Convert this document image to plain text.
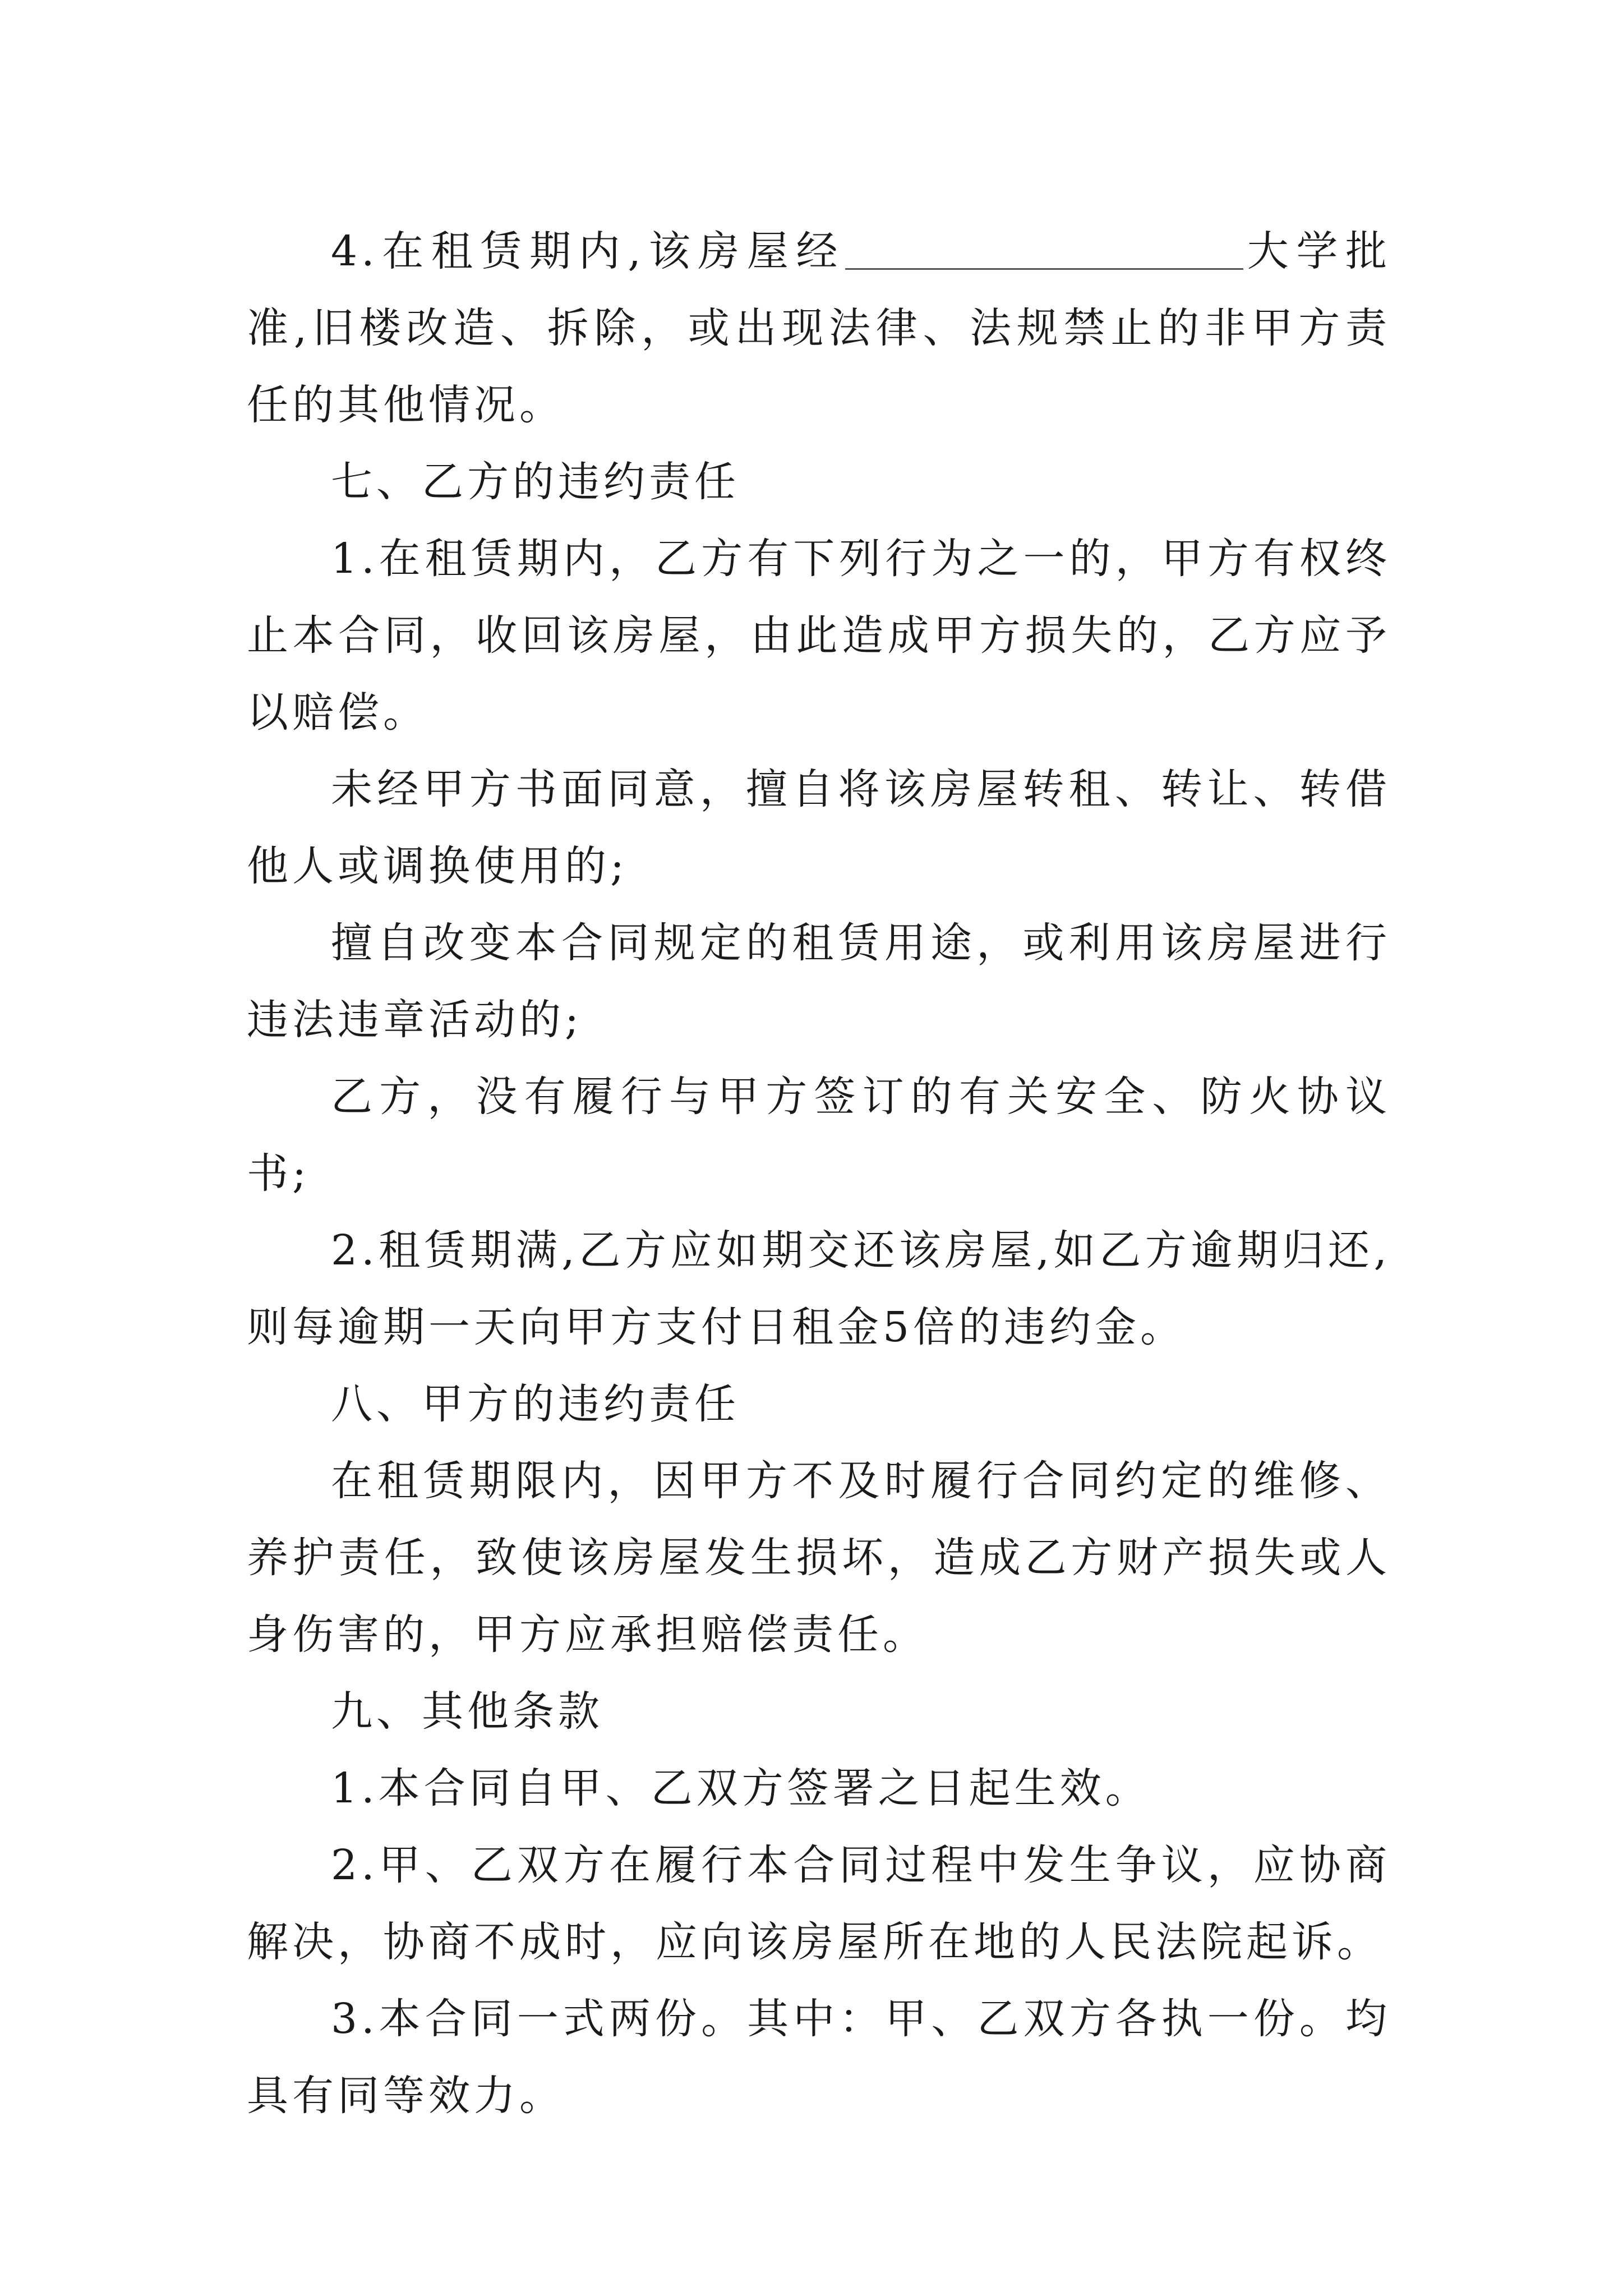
4.在租赁期内,该房屋经	大学批准,旧楼改造、拆除，或出现法律、法规禁止的非甲方责任的其他情况。

七、乙方的违约责任

1.在租赁期内，乙方有下列行为之一的，甲方有权终止本合同，收回该房屋，由此造成甲方损失的，乙方应予以赔偿。

未经甲方书面同意，擅自将该房屋转租、转让、转借他人或调换使用的;

擅自改变本合同规定的租赁用途，或利用该房屋进行违法违章活动的;

乙方，没有履行与甲方签订的有关安全、防火协议书;

2.租赁期满,乙方应如期交还该房屋,如乙方逾期归还,则每逾期一天向甲方支付日租金5倍的违约金。

八、甲方的违约责任

在租赁期限内，因甲方不及时履行合同约定的维修、养护责任，致使该房屋发生损坏，造成乙方财产损失或人身伤害的，甲方应承担赔偿责任。

九、其他条款

1.本合同自甲、乙双方签署之日起生效。

2.甲、乙双方在履行本合同过程中发生争议，应协商解决，协商不成时，应向该房屋所在地的人民法院起诉。

3.本合同一式两份。其中：甲、乙双方各执一份。均具有同等效力。
